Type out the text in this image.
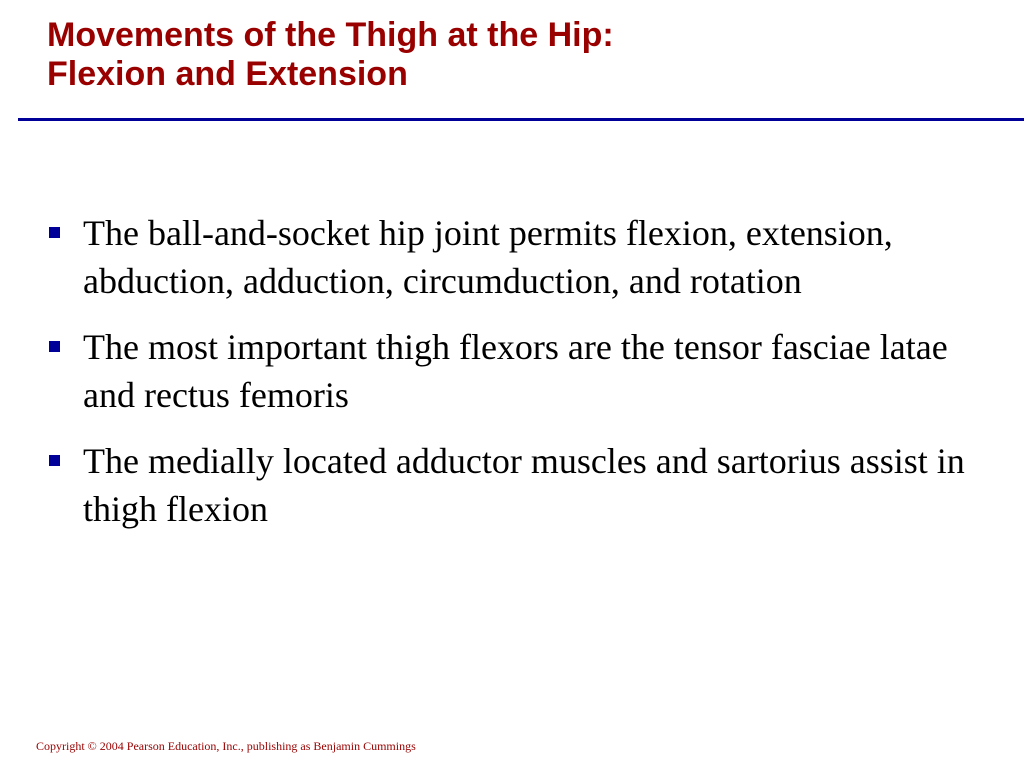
Movements of the Thigh at the Hip:
Flexion and Extension
The ball-and-socket hip joint permits flexion, extension, abduction, adduction, circumduction, and rotation
The most important thigh flexors are the tensor fasciae latae and rectus femoris
The medially located adductor muscles and sartorius assist in thigh flexion
Copyright © 2004 Pearson Education, Inc., publishing as Benjamin Cummings
